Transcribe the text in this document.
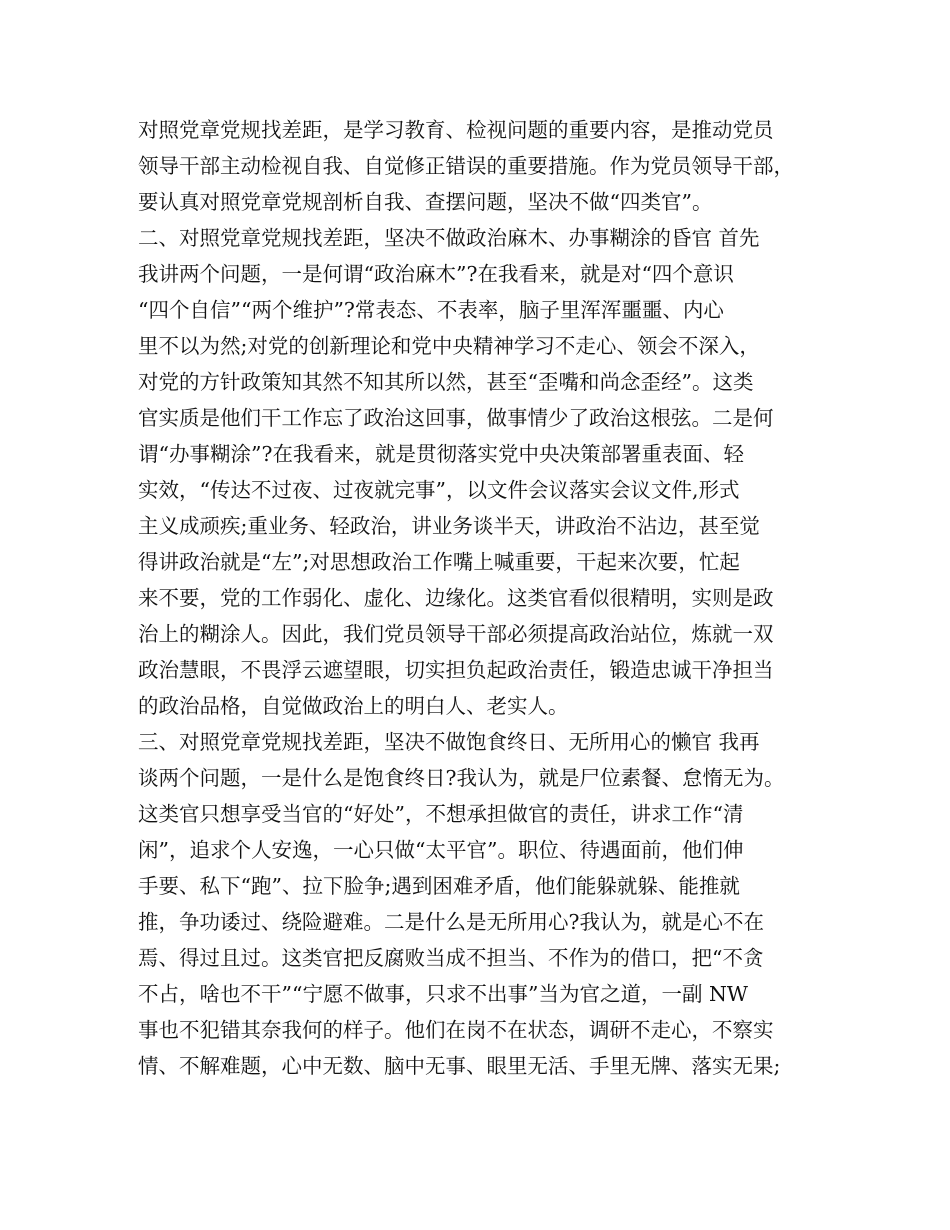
对照党章党规找差距，是学习教育、检视问题的重要内容，是推动党员
领导干部主动检视自我、自觉修正错误的重要措施。作为党员领导干部，
要认真对照党章党规剖析自我、查摆问题，坚决不做“四类官”。
二、对照党章党规找差距，坚决不做政治麻木、办事糊涂的昏官 首先
我讲两个问题，一是何谓“政治麻木”?在我看来，就是对“四个意识
“四个自信”“两个维护”?常表态、不表率，脑子里浑浑噩噩、内心
里不以为然;对党的创新理论和党中央精神学习不走心、领会不深入，
对党的方针政策知其然不知其所以然，甚至“歪嘴和尚念歪经”。这类
官实质是他们干工作忘了政治这回事，做事情少了政治这根弦。二是何
谓“办事糊涂”?在我看来，就是贯彻落实党中央决策部署重表面、轻
实效，“传达不过夜、过夜就完事”，以文件会议落实会议文件,形式
主义成顽疾;重业务、轻政治，讲业务谈半天，讲政治不沾边，甚至觉
得讲政治就是“左”;对思想政治工作嘴上喊重要，干起来次要，忙起
来不要，党的工作弱化、虚化、边缘化。这类官看似很精明，实则是政
治上的糊涂人。因此，我们党员领导干部必须提高政治站位，炼就一双
政治慧眼，不畏浮云遮望眼，切实担负起政治责任，锻造忠诚干净担当
的政治品格，自觉做政治上的明白人、老实人。
三、对照党章党规找差距，坚决不做饱食终日、无所用心的懒官 我再
谈两个问题，一是什么是饱食终日?我认为，就是尸位素餐、怠惰无为。
这类官只想享受当官的“好处”，不想承担做官的责任，讲求工作“清
闲”，追求个人安逸，一心只做“太平官”。职位、待遇面前，他们伸
手要、私下“跑”、拉下脸争;遇到困难矛盾，他们能躲就躲、能推就
推，争功诿过、绕险避难。二是什么是无所用心?我认为，就是心不在
焉、得过且过。这类官把反腐败当成不担当、不作为的借口，把“不贪
不占，啥也不干”“宁愿不做事，只求不出事”当为官之道，一副 NW
事也不犯错其奈我何的样子。他们在岗不在状态，调研不走心，不察实
情、不解难题，心中无数、脑中无事、眼里无活、手里无牌、落实无果;
